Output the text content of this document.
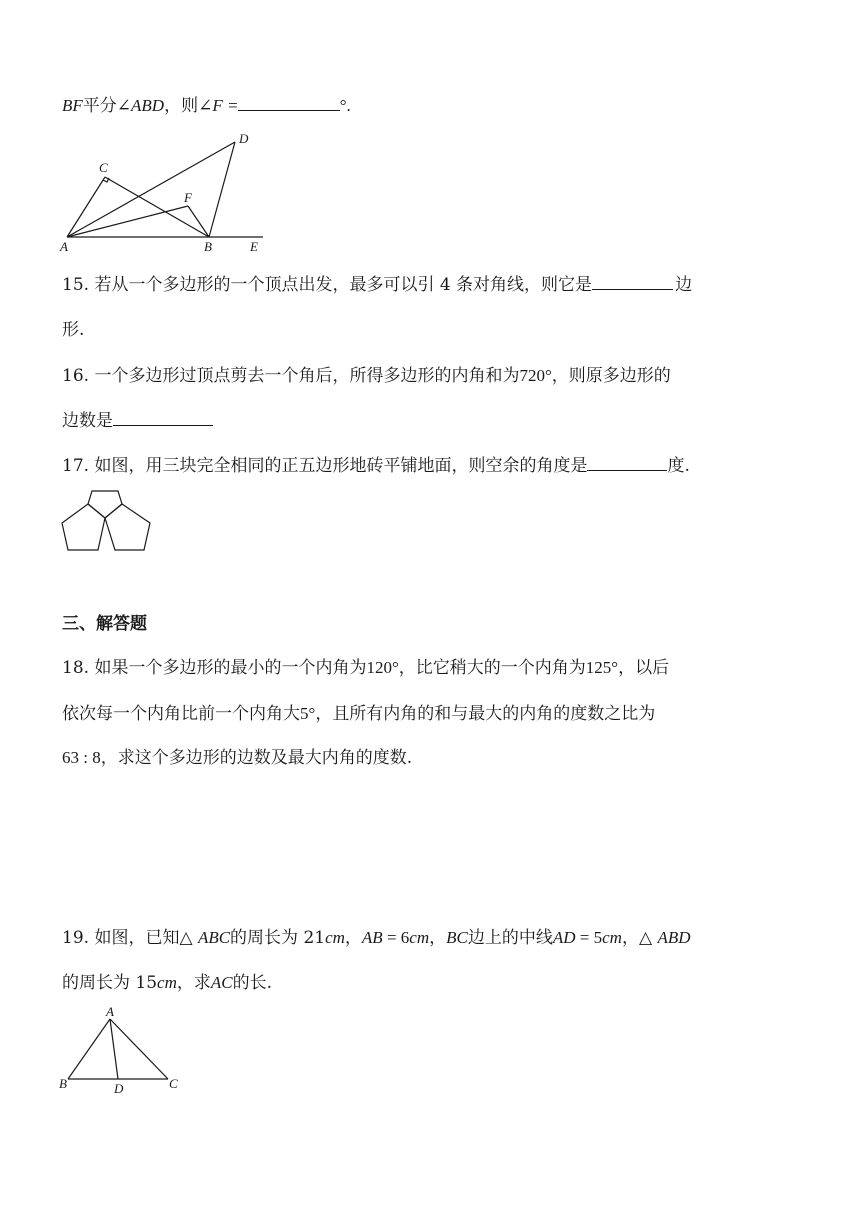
BF平分∠ABD，则∠F =	°.
C
D
F
A	B	E
15. 若从一个多边形的一个顶点出发，最多可以引 4 条对角线，则它是	边
形.
16. 一个多边形过顶点剪去一个角后，所得多边形的内角和为720°，则原多边形的
边数是
17. 如图，用三块完全相同的正五边形地砖平铺地面，则空余的角度是	度.
三、解答题
18. 如果一个多边形的最小的一个内角为120°，比它稍大的一个内角为125°，以后
依次每一个内角比前一个内角大5°，且所有内角的和与最大的内角的度数之比为
63 : 8，求这个多边形的边数及最大内角的度数.
19. 如图，已知△ ABC的周长为 21cm，AB = 6cm，BC边上的中线AD = 5cm，△ ABD
的周长为 15cm，求AC的长.
A
B	D	C
